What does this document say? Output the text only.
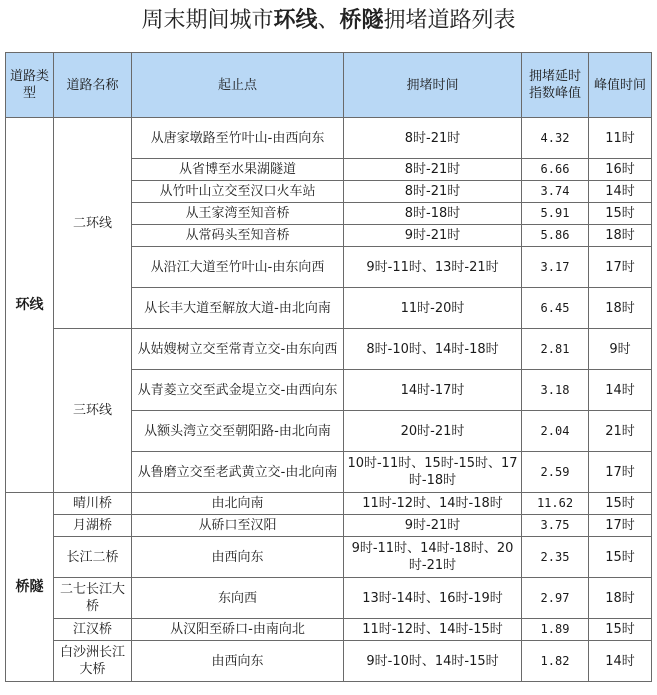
周末期间城市环线、桥隧拥堵道路列表
道路类型	道路名称	起止点	拥堵时间	拥堵延时指数峰值	峰值时间
环线	二环线	从唐家墩路至竹叶山-由西向东	8时-21时	4.32	11时
		从省博至水果湖隧道	8时-21时	6.66	16时
		从竹叶山立交至汉口火车站	8时-21时	3.74	14时
		从王家湾至知音桥	8时-18时	5.91	15时
		从常码头至知音桥	9时-21时	5.86	18时
		从沿江大道至竹叶山-由东向西	9时-11时、13时-21时	3.17	17时
		从长丰大道至解放大道-由北向南	11时-20时	6.45	18时
	三环线	从姑嫂树立交至常青立交-由东向西	8时-10时、14时-18时	2.81	9时
		从青菱立交至武金堤立交-由西向东	14时-17时	3.18	14时
		从额头湾立交至朝阳路-由北向南	20时-21时	2.04	21时
		从鲁磨立交至老武黄立交-由北向南	10时-11时、15时-15时、17时-18时	2.59	17时
桥隧	晴川桥	由北向南	11时-12时、14时-18时	11.62	15时
	月湖桥	从硚口至汉阳	9时-21时	3.75	17时
	长江二桥	由西向东	9时-11时、14时-18时、20时-21时	2.35	15时
	二七长江大桥	东向西	13时-14时、16时-19时	2.97	18时
	江汉桥	从汉阳至硚口-由南向北	11时-12时、14时-15时	1.89	15时
	白沙洲长江大桥	由西向东	9时-10时、14时-15时	1.82	14时
